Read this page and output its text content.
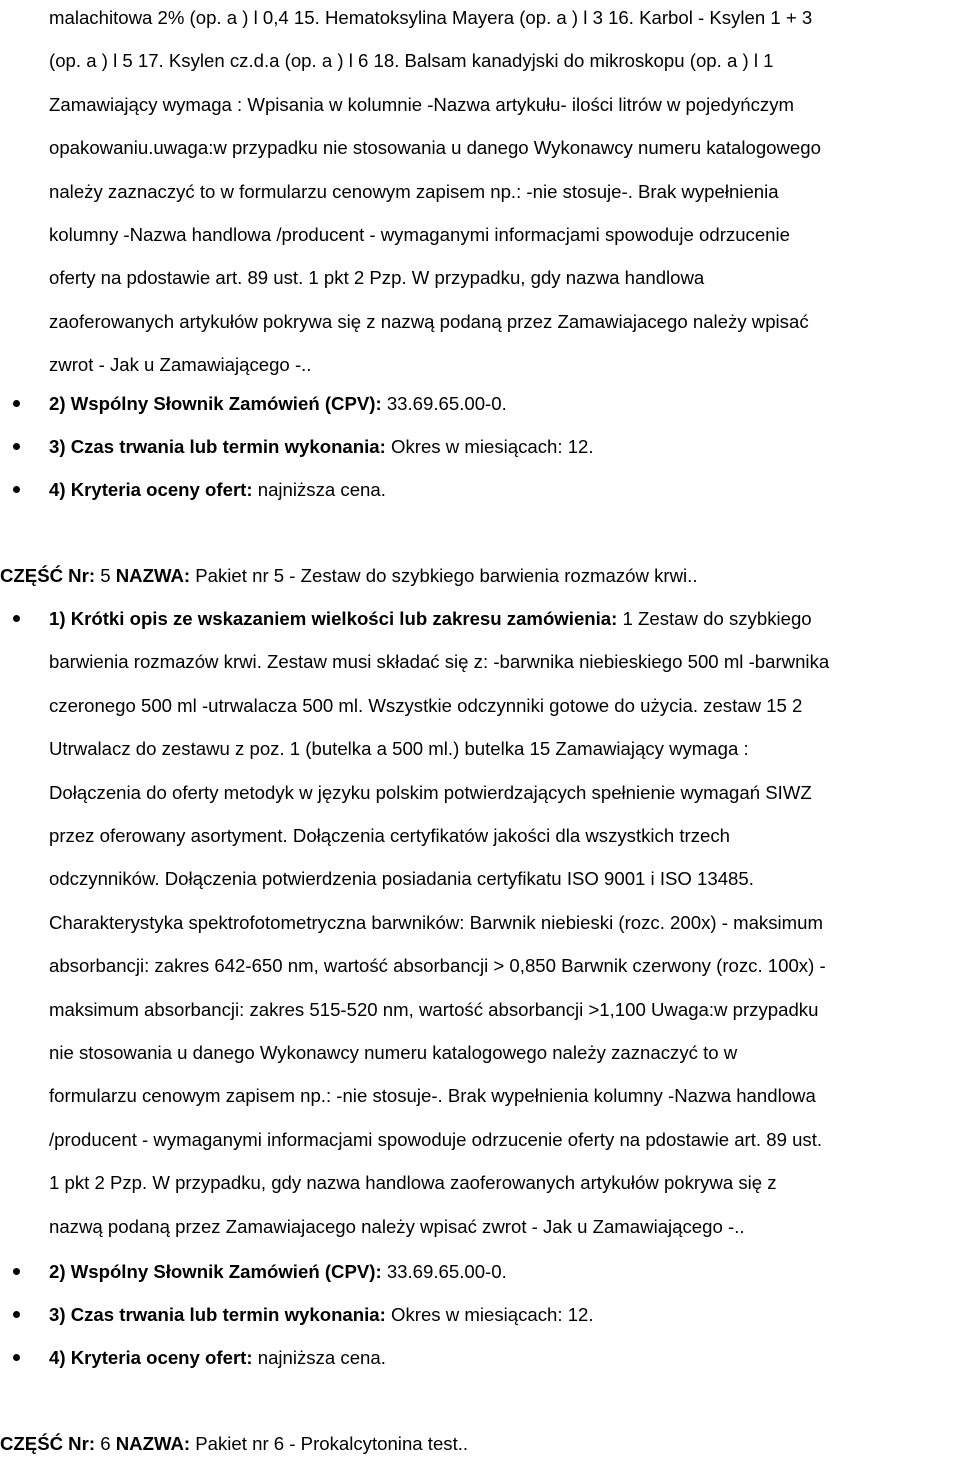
malachitowa 2% (op. a ) l 0,4 15. Hematoksylina Mayera (op. a ) l 3 16. Karbol - Ksylen 1 + 3
(op. a ) l 5 17. Ksylen cz.d.a (op. a ) l 6 18. Balsam kanadyjski do mikroskopu (op. a ) l 1
Zamawiający wymaga : Wpisania w kolumnie -Nazwa artykułu- ilości litrów w pojedyńczym
opakowaniu.uwaga:w przypadku nie stosowania u danego Wykonawcy numeru katalogowego
należy zaznaczyć to w formularzu cenowym zapisem np.: -nie stosuje-. Brak wypełnienia
kolumny -Nazwa handlowa /producent - wymaganymi informacjami spowoduje odrzucenie
oferty na pdostawie art. 89 ust. 1 pkt 2 Pzp. W przypadku, gdy nazwa handlowa
zaoferowanych artykułów pokrywa się z nazwą podaną przez Zamawiajacego należy wpisać
zwrot - Jak u Zamawiającego -..
2) Wspólny Słownik Zamówień (CPV): 33.69.65.00-0.
3) Czas trwania lub termin wykonania: Okres w miesiącach: 12.
4) Kryteria oceny ofert: najniższa cena.
CZĘŚĆ Nr: 5 NAZWA: Pakiet nr 5 - Zestaw do szybkiego barwienia rozmazów krwi..
1) Krótki opis ze wskazaniem wielkości lub zakresu zamówienia: 1 Zestaw do szybkiego
barwienia rozmazów krwi. Zestaw musi składać się z: -barwnika niebieskiego 500 ml -barwnika
czeronego 500 ml -utrwalacza 500 ml. Wszystkie odczynniki gotowe do użycia. zestaw 15 2
Utrwalacz do zestawu z poz. 1 (butelka a 500 ml.) butelka 15 Zamawiający wymaga :
Dołączenia do oferty metodyk w języku polskim potwierdzających spełnienie wymagań SIWZ
przez oferowany asortyment. Dołączenia certyfikatów jakości dla wszystkich trzech
odczynników. Dołączenia potwierdzenia posiadania certyfikatu ISO 9001 i ISO 13485.
Charakterystyka spektrofotometryczna barwników: Barwnik niebieski (rozc. 200x) - maksimum
absorbancji: zakres 642-650 nm, wartość absorbancji > 0,850 Barwnik czerwony (rozc. 100x) -
maksimum absorbancji: zakres 515-520 nm, wartość absorbancji >1,100 Uwaga:w przypadku
nie stosowania u danego Wykonawcy numeru katalogowego należy zaznaczyć to w
formularzu cenowym zapisem np.: -nie stosuje-. Brak wypełnienia kolumny -Nazwa handlowa
/producent - wymaganymi informacjami spowoduje odrzucenie oferty na pdostawie art. 89 ust.
1 pkt 2 Pzp. W przypadku, gdy nazwa handlowa zaoferowanych artykułów pokrywa się z
nazwą podaną przez Zamawiajacego należy wpisać zwrot - Jak u Zamawiającego -..
2) Wspólny Słownik Zamówień (CPV): 33.69.65.00-0.
3) Czas trwania lub termin wykonania: Okres w miesiącach: 12.
4) Kryteria oceny ofert: najniższa cena.
CZĘŚĆ Nr: 6 NAZWA: Pakiet nr 6 - Prokalcytonina test..
